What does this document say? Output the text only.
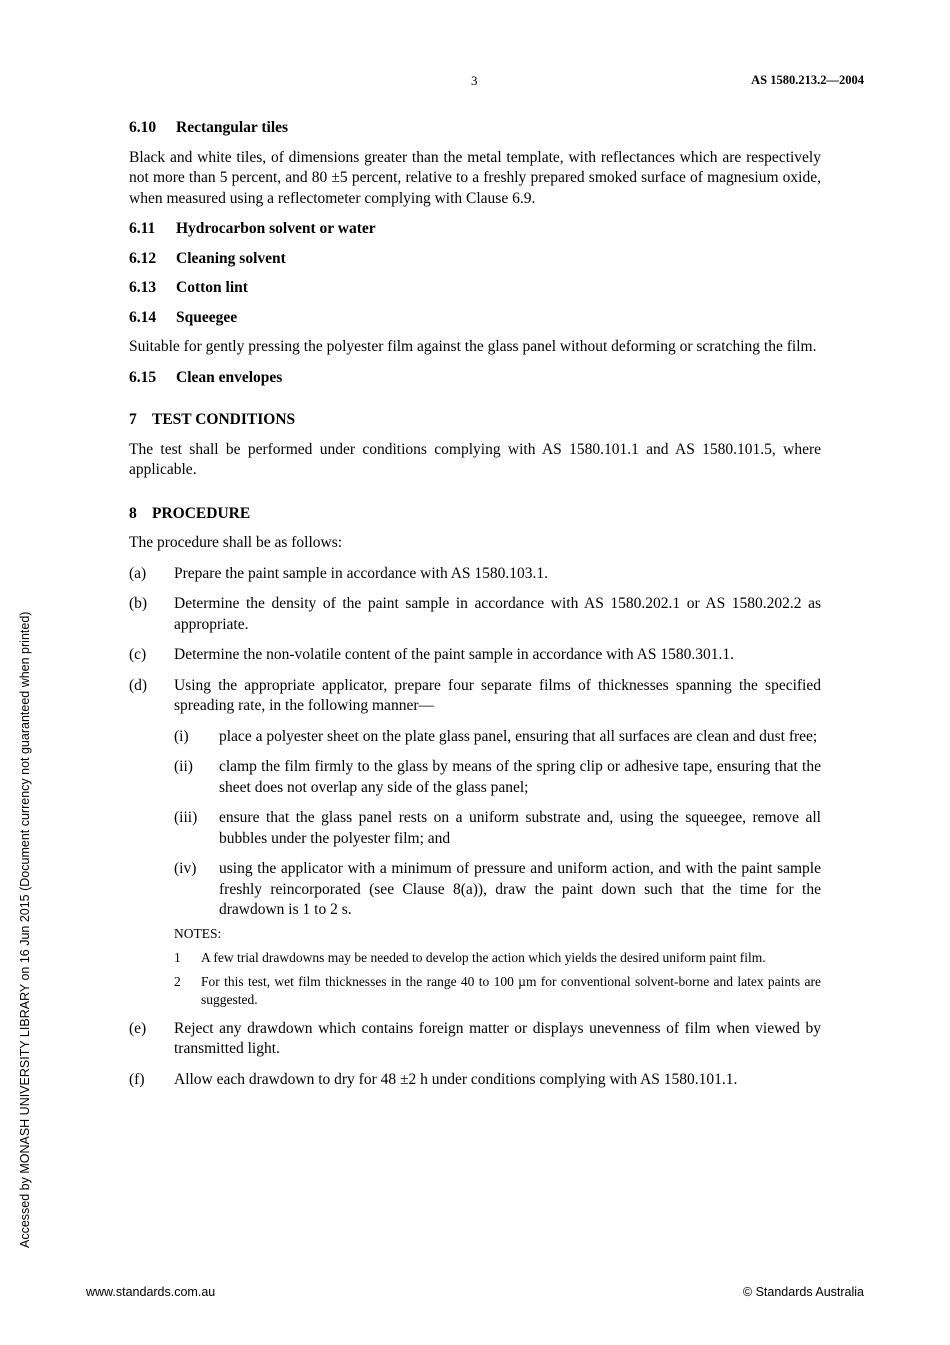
3	AS 1580.213.2—2004
6.10 Rectangular tiles

Black and white tiles, of dimensions greater than the metal template, with reflectances which are respectively not more than 5 percent, and 80 ±5 percent, relative to a freshly prepared smoked surface of magnesium oxide, when measured using a reflectometer complying with Clause 6.9.

6.11 Hydrocarbon solvent or water
6.12 Cleaning solvent
6.13 Cotton lint
6.14 Squeegee

Suitable for gently pressing the polyester film against the glass panel without deforming or scratching the film.

6.15 Clean envelopes
7 TEST CONDITIONS

The test shall be performed under conditions complying with AS 1580.101.1 and AS 1580.101.5, where applicable.

8 PROCEDURE

The procedure shall be as follows:

(a) Prepare the paint sample in accordance with AS 1580.103.1.
(b) Determine the density of the paint sample in accordance with AS 1580.202.1 or AS 1580.202.2 as appropriate.
(c) Determine the non-volatile content of the paint sample in accordance with AS 1580.301.1.
(d) Using the appropriate applicator, prepare four separate films of thicknesses spanning the specified spreading rate, in the following manner—
(i) place a polyester sheet on the plate glass panel, ensuring that all surfaces are clean and dust free;
(ii) clamp the film firmly to the glass by means of the spring clip or adhesive tape, ensuring that the sheet does not overlap any side of the glass panel;
(iii) ensure that the glass panel rests on a uniform substrate and, using the squeegee, remove all bubbles under the polyester film; and
(iv) using the applicator with a minimum of pressure and uniform action, and with the paint sample freshly reincorporated (see Clause 8(a)), draw the paint down such that the time for the drawdown is 1 to 2 s.
NOTES:
1 A few trial drawdowns may be needed to develop the action which yields the desired uniform paint film.
2 For this test, wet film thicknesses in the range 40 to 100 µm for conventional solvent-borne and latex paints are suggested.
(e) Reject any drawdown which contains foreign matter or displays unevenness of film when viewed by transmitted light.
(f) Allow each drawdown to dry for 48 ±2 h under conditions complying with AS 1580.101.1.
Accessed by MONASH UNIVERSITY LIBRARY on 16 Jun 2015 (Document currency not guaranteed when printed)
www.standards.com.au	© Standards Australia
